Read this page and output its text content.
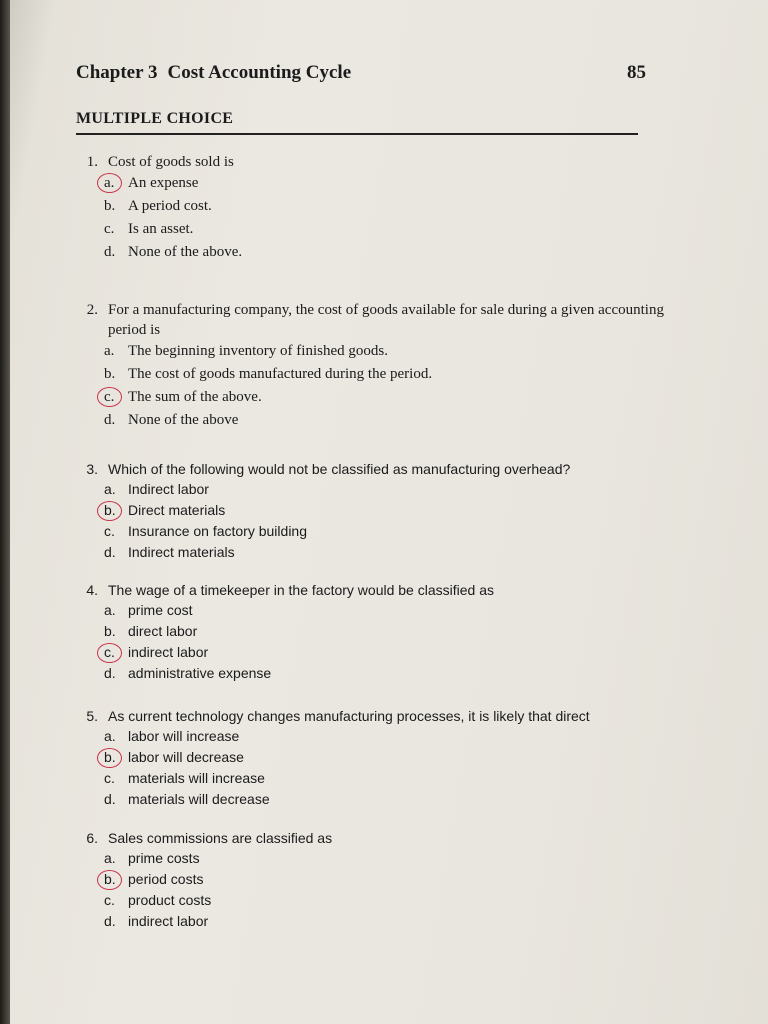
Chapter 3 Cost Accounting Cycle	85
MULTIPLE CHOICE
1. Cost of goods sold is
a. An expense
b. A period cost.
c. Is an asset.
d. None of the above.
2. For a manufacturing company, the cost of goods available for sale during a given accounting period is
a. The beginning inventory of finished goods.
b. The cost of goods manufactured during the period.
c. The sum of the above.
d. None of the above
3. Which of the following would not be classified as manufacturing overhead?
a. Indirect labor
b. Direct materials
c. Insurance on factory building
d. Indirect materials
4. The wage of a timekeeper in the factory would be classified as
a. prime cost
b. direct labor
c. indirect labor
d. administrative expense
5. As current technology changes manufacturing processes, it is likely that direct
a. labor will increase
b. labor will decrease
c. materials will increase
d. materials will decrease
6. Sales commissions are classified as
a. prime costs
b. period costs
c. product costs
d. indirect labor
